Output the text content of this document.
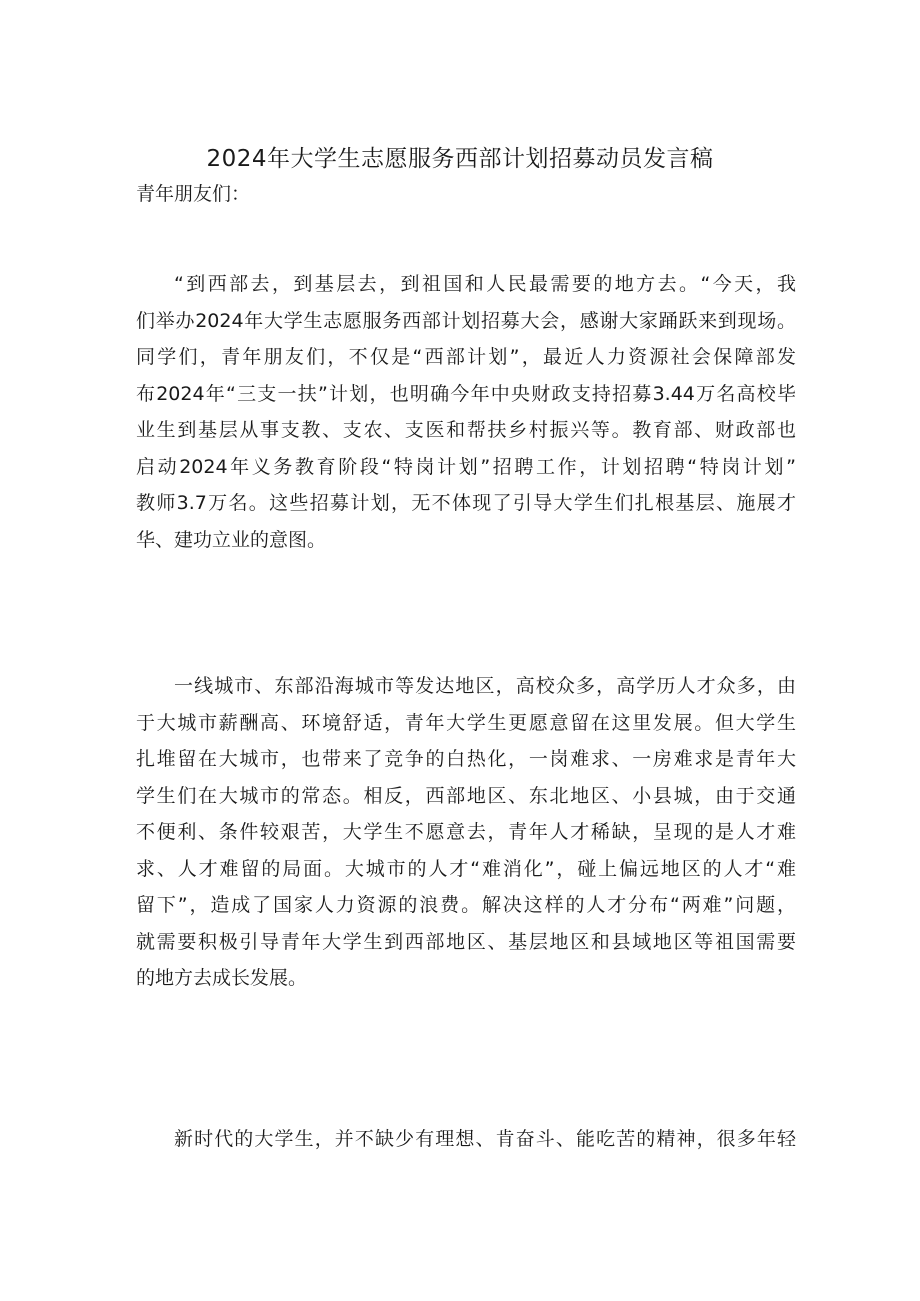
2024年大学生志愿服务西部计划招募动员发言稿
青年朋友们：
“到西部去，到基层去，到祖国和人民最需要的地方去。“今天，我
们举办2024年大学生志愿服务西部计划招募大会，感谢大家踊跃来到现场。
同学们，青年朋友们，不仅是“西部计划”，最近人力资源社会保障部发
布2024年“三支一扶”计划，也明确今年中央财政支持招募3.44万名高校毕
业生到基层从事支教、支农、支医和帮扶乡村振兴等。教育部、财政部也
启动2024年义务教育阶段“特岗计划”招聘工作，计划招聘“特岗计划”
教师3.7万名。这些招募计划，无不体现了引导大学生们扎根基层、施展才
华、建功立业的意图。
一线城市、东部沿海城市等发达地区，高校众多，高学历人才众多，由
于大城市薪酬高、环境舒适，青年大学生更愿意留在这里发展。但大学生
扎堆留在大城市，也带来了竞争的白热化，一岗难求、一房难求是青年大
学生们在大城市的常态。相反，西部地区、东北地区、小县城，由于交通
不便利、条件较艰苦，大学生不愿意去，青年人才稀缺，呈现的是人才难
求、人才难留的局面。大城市的人才“难消化”，碰上偏远地区的人才“难
留下”，造成了国家人力资源的浪费。解决这样的人才分布“两难”问题，
就需要积极引导青年大学生到西部地区、基层地区和县域地区等祖国需要
的地方去成长发展。
新时代的大学生，并不缺少有理想、肯奋斗、能吃苦的精神，很多年轻
